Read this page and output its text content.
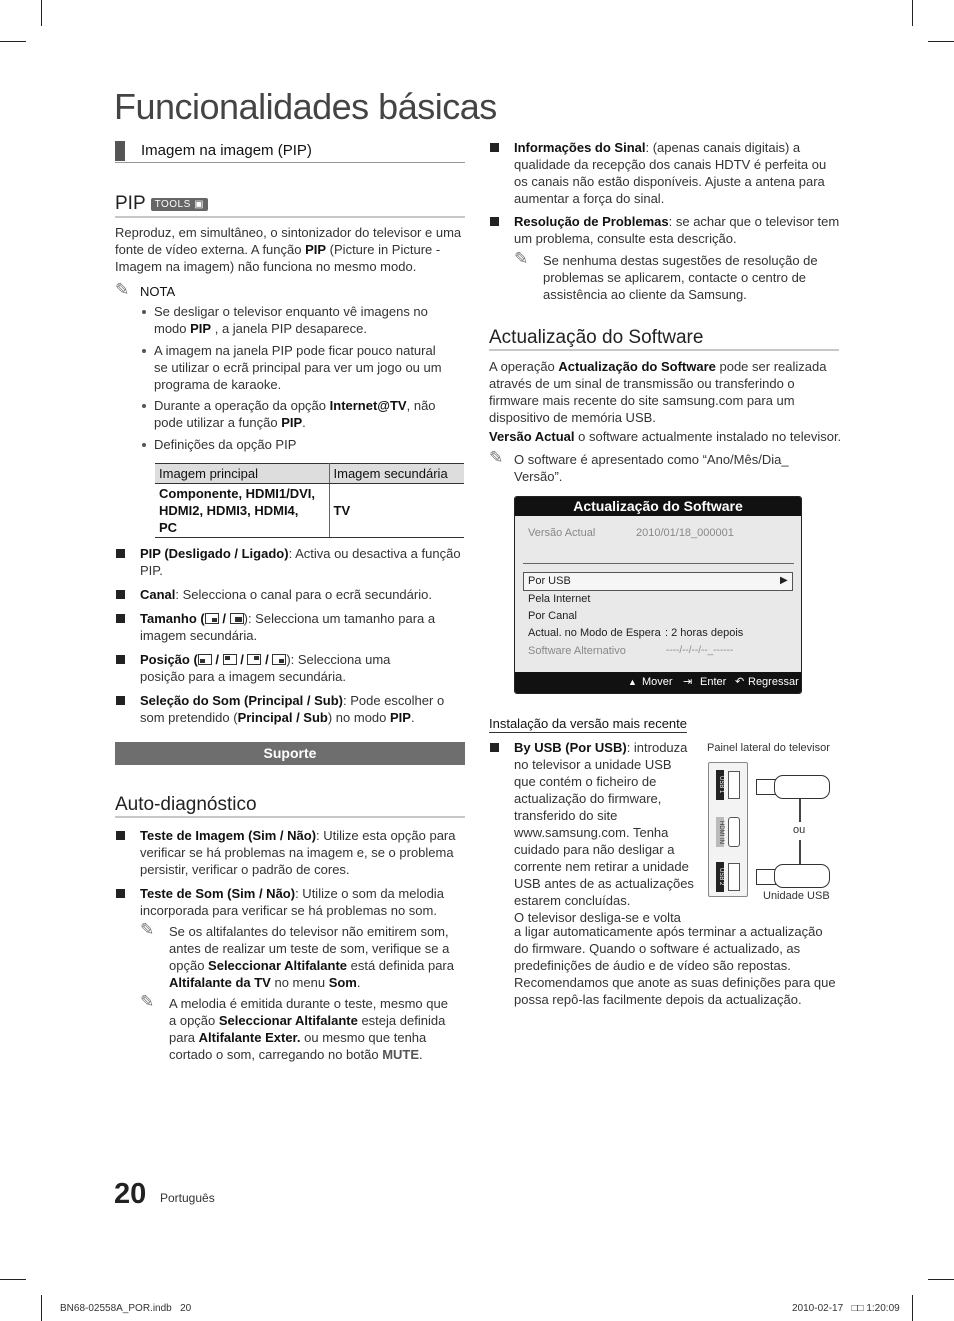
Funcionalidades básicas
Imagem na imagem (PIP)
PIP TOOLS ▣
Reproduz, em simultâneo, o sintonizador do televisor e uma
fonte de vídeo externa. A função PIP (Picture in Picture -
Imagem na imagem) não funciona no mesmo modo.
✎ NOTA
Se desligar o televisor enquanto vê imagens no
modo PIP , a janela PIP desaparece.
A imagem na janela PIP pode ficar pouco natural
se utilizar o ecrã principal para ver um jogo ou um
programa de karaoke.
Durante a operação da opção Internet@TV, não
pode utilizar a função PIP.
Definições da opção PIP
Imagem principal	Imagem secundária

Componente, HDMI1/DVI,
HDMI2, HDMI3, HDMI4,
PC	TV
PIP (Desligado / Ligado): Activa ou desactiva a função
PIP.
Canal: Selecciona o canal para o ecrã secundário.
Tamanho (
/
): Selecciona um tamanho para a
imagem secundária.
Posição (
/
/
/
): Selecciona uma
posição para a imagem secundária.
Seleção do Som (Principal / Sub): Pode escolher o
som pretendido (Principal / Sub) no modo PIP.
Suporte
Auto-diagnóstico
Teste de Imagem (Sim / Não): Utilize esta opção para
verificar se há problemas na imagem e, se o problema
persistir, verificar o padrão de cores.
Teste de Som (Sim / Não): Utilize o som da melodia
incorporada para verificar se há problemas no som.
✎ Se os altifalantes do televisor não emitirem som,
antes de realizar um teste de som, verifique se a
opção Seleccionar Altifalante está definida para
Altifalante da TV no menu Som.
✎ A melodia é emitida durante o teste, mesmo que
a opção Seleccionar Altifalante esteja definida
para Altifalante Exter. ou mesmo que tenha
cortado o som, carregando no botão MUTE.
Informações do Sinal: (apenas canais digitais) a
qualidade da recepção dos canais HDTV é perfeita ou
os canais não estão disponíveis. Ajuste a antena para
aumentar a força do sinal.
Resolução de Problemas: se achar que o televisor tem
um problema, consulte esta descrição.
✎ Se nenhuma destas sugestões de resolução de
problemas se aplicarem, contacte o centro de
assistência ao cliente da Samsung.
Actualização do Software
A operação Actualização do Software pode ser realizada
através de um sinal de transmissão ou transferindo o
firmware mais recente do site samsung.com para um
dispositivo de memória USB.
Versão Actual o software actualmente instalado no televisor.
✎ O software é apresentado como “Ano/Mês/Dia_
Versão”.
Actualização do Software
Versão Actual	2010/01/18_000001
Por USB	▶
Pela Internet
Por Canal
Actual. no Modo de Espera : 2 horas depois
Software Alternativo	----/--/--/--_------
▲ Mover ⇥ Enter ↶ Regressar
Instalação da versão mais recente
By USB (Por USB): introduza
no televisor a unidade USB
que contém o ficheiro de
actualização do firmware,
transferido do site
www.samsung.com. Tenha
cuidado para não desligar a
corrente nem retirar a unidade
USB antes de as actualizações
estarem concluídas.
O televisor desliga-se e volta
a ligar automaticamente após terminar a actualização
do firmware. Quando o software é actualizado, as
predefinições de áudio e de vídeo são repostas.
Recomendamos que anote as suas definições para que
possa repô-las facilmente depois da actualização.
Painel lateral do televisor
USB 1
HDMI IN
USB 2
ou
Unidade USB
20 Português
BN68-02558A_POR.indb   20	2010-02-17   □□ 1:20:09
